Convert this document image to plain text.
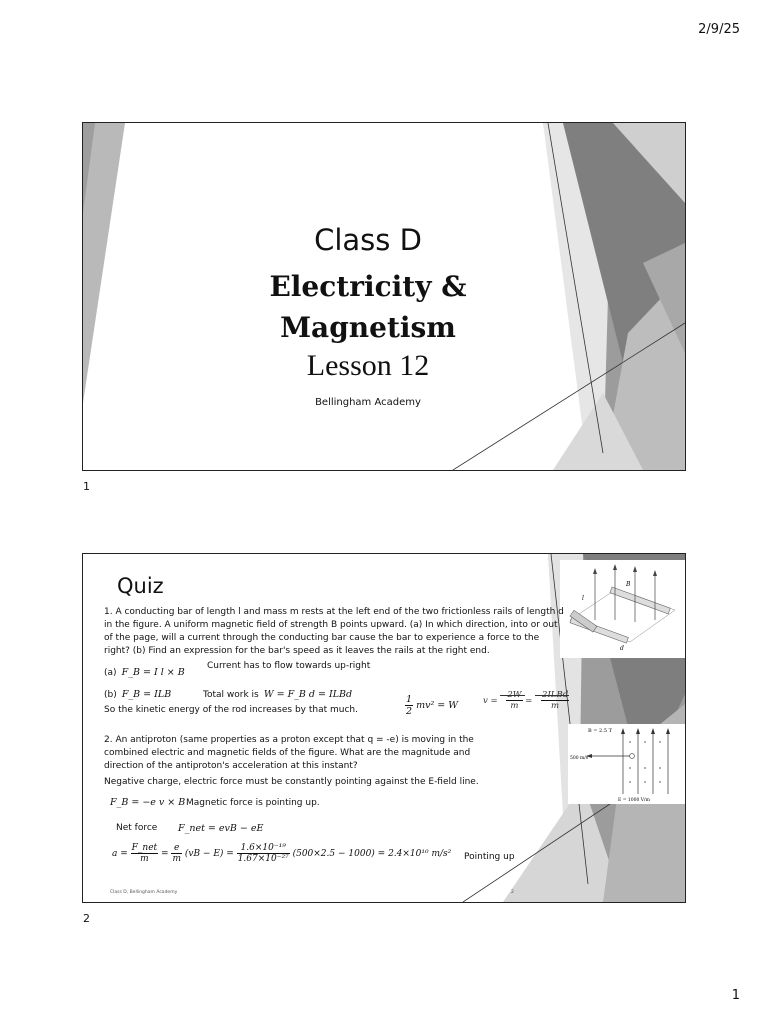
2/9/25
Class D
Electricity &
Magnetism
Lesson 12
Bellingham Academy
1
l
d
B
B = 2.5 T
500 m/s
E = 1000 V/m
Quiz
1. A conducting bar of length l and mass m rests at the left end of the two frictionless rails of length d in the figure. A uniform magnetic field of strength B points upward. (a) In which direction, into or out of the page, will a current through the conducting bar cause the bar to experience a force to the right? (b) Find an expression for the bar's speed as it leaves the rails at the right end.
(a) F_B = I l × B
Current has to flow towards up-right
(b) F_B = ILB	Total work is W = F_B d = ILBd
So the kinetic energy of the rod increases by that much.	$\frac{1}{2} mv^2 = W$	$v = \frac{2W}{m} = \frac{\text{2ILBd}}{m}$
2. An antiproton (same properties as a proton except that q = -e) is moving in the combined electric and magnetic fields of the figure. What are the magnitude and direction of the antiproton's acceleration at this instant?
Negative charge, electric force must be constantly pointing against the E-field line.
F_B = −e v × B Magnetic force is pointing up.
Net force F_net = evB − eE
$a = \frac{\text{F\_net}}{m} = \frac{e}{m} (vB - E) = \frac{\text{1.6×10⁻¹⁹}}{\text{1.67×10⁻²⁷}} (500\times 2.5 - 1000) = 2.4\times 10^{10}$ m/s² Pointing up
Class D, Bellingham Academy	2
2
1
